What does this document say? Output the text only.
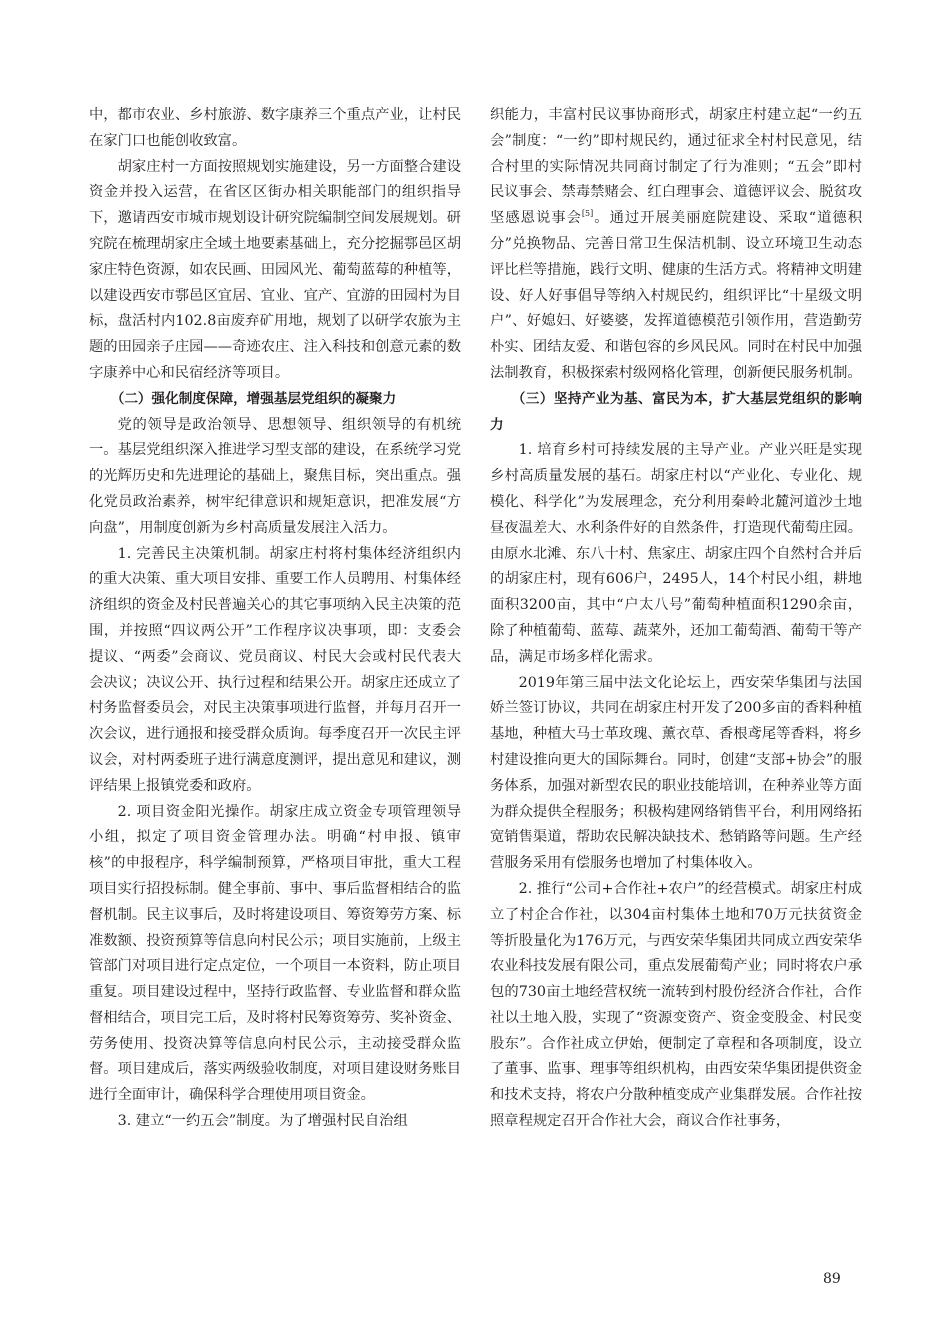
中，都市农业、乡村旅游、数字康养三个重点产业，让村民在家门口也能创收致富。

胡家庄村一方面按照规划实施建设，另一方面整合建设资金并投入运营，在省区区街办相关职能部门的组织指导下，邀请西安市城市规划设计研究院编制空间发展规划。研究院在梳理胡家庄全域土地要素基础上，充分挖掘鄠邑区胡家庄特色资源，如农民画、田园风光、葡萄蓝莓的种植等，以建设西安市鄠邑区宜居、宜业、宜产、宜游的田园村为目标，盘活村内102.8亩废弃矿用地，规划了以研学农旅为主题的田园亲子庄园——奇迹农庄、注入科技和创意元素的数字康养中心和民宿经济等项目。

（二）强化制度保障，增强基层党组织的凝聚力

党的领导是政治领导、思想领导、组织领导的有机统一。基层党组织深入推进学习型支部的建设，在系统学习党的光辉历史和先进理论的基础上，聚焦目标，突出重点。强化党员政治素养，树牢纪律意识和规矩意识，把准发展“方向盘”，用制度创新为乡村高质量发展注入活力。

1. 完善民主决策机制。胡家庄村将村集体经济组织内的重大决策、重大项目安排、重要工作人员聘用、村集体经济组织的资金及村民普遍关心的其它事项纳入民主决策的范围，并按照“四议两公开”工作程序议决事项，即：支委会提议、“两委”会商议、党员商议、村民大会或村民代表大会决议；决议公开、执行过程和结果公开。胡家庄还成立了村务监督委员会，对民主决策事项进行监督，并每月召开一次会议，进行通报和接受群众质询。每季度召开一次民主评议会，对村两委班子进行满意度测评，提出意见和建议，测评结果上报镇党委和政府。

2. 项目资金阳光操作。胡家庄成立资金专项管理领导小组，拟定了项目资金管理办法。明确“村申报、镇审核”的申报程序，科学编制预算，严格项目审批，重大工程项目实行招投标制。健全事前、事中、事后监督相结合的监督机制。民主议事后，及时将建设项目、筹资筹劳方案、标准数额、投资预算等信息向村民公示；项目实施前，上级主管部门对项目进行定点定位，一个项目一本资料，防止项目重复。项目建设过程中，坚持行政监督、专业监督和群众监督相结合，项目完工后，及时将村民筹资筹劳、奖补资金、劳务使用、投资决算等信息向村民公示，主动接受群众监督。项目建成后，落实两级验收制度，对项目建设财务账目进行全面审计，确保科学合理使用项目资金。

3. 建立“一约五会”制度。为了增强村民自治组

织能力，丰富村民议事协商形式，胡家庄村建立起“一约五会”制度：“一约”即村规民约，通过征求全村村民意见，结合村里的实际情况共同商讨制定了行为准则；“五会”即村民议事会、禁毒禁赌会、红白理事会、道德评议会、脱贫攻坚感恩说事会[5]。通过开展美丽庭院建设、采取“道德积分”兑换物品、完善日常卫生保洁机制、设立环境卫生动态评比栏等措施，践行文明、健康的生活方式。将精神文明建设、好人好事倡导等纳入村规民约，组织评比“十星级文明户”、好媳妇、好婆婆，发挥道德模范引领作用，营造勤劳朴实、团结友爱、和谐包容的乡风民风。同时在村民中加强法制教育，积极探索村级网格化管理，创新便民服务机制。

（三）坚持产业为基、富民为本，扩大基层党组织的影响力

1. 培育乡村可持续发展的主导产业。产业兴旺是实现乡村高质量发展的基石。胡家庄村以“产业化、专业化、规模化、科学化”为发展理念，充分利用秦岭北麓河道沙土地昼夜温差大、水利条件好的自然条件，打造现代葡萄庄园。由原水北滩、东八十村、焦家庄、胡家庄四个自然村合并后的胡家庄村，现有606户，2495人，14个村民小组，耕地面积3200亩，其中“户太八号”葡萄种植面积1290余亩，除了种植葡萄、蓝莓、蔬菜外，还加工葡萄酒、葡萄干等产品，满足市场多样化需求。

2019年第三届中法文化论坛上，西安荣华集团与法国娇兰签订协议，共同在胡家庄村开发了200多亩的香料种植基地，种植大马士革玫瑰、薰衣草、香根鸢尾等香料，将乡村建设推向更大的国际舞台。同时，创建“支部+协会”的服务体系，加强对新型农民的职业技能培训，在种养业等方面为群众提供全程服务；积极构建网络销售平台，利用网络拓宽销售渠道，帮助农民解决缺技术、愁销路等问题。生产经营服务采用有偿服务也增加了村集体收入。

2. 推行“公司+合作社+农户”的经营模式。胡家庄村成立了村企合作社，以304亩村集体土地和70万元扶贫资金等折股量化为176万元，与西安荣华集团共同成立西安荣华农业科技发展有限公司，重点发展葡萄产业；同时将农户承包的730亩土地经营权统一流转到村股份经济合作社，合作社以土地入股，实现了“资源变资产、资金变股金、村民变股东”。合作社成立伊始，便制定了章程和各项制度，设立了董事、监事、理事等组织机构，由西安荣华集团提供资金和技术支持，将农户分散种植变成产业集群发展。合作社按照章程规定召开合作社大会，商议合作社事务，

89
